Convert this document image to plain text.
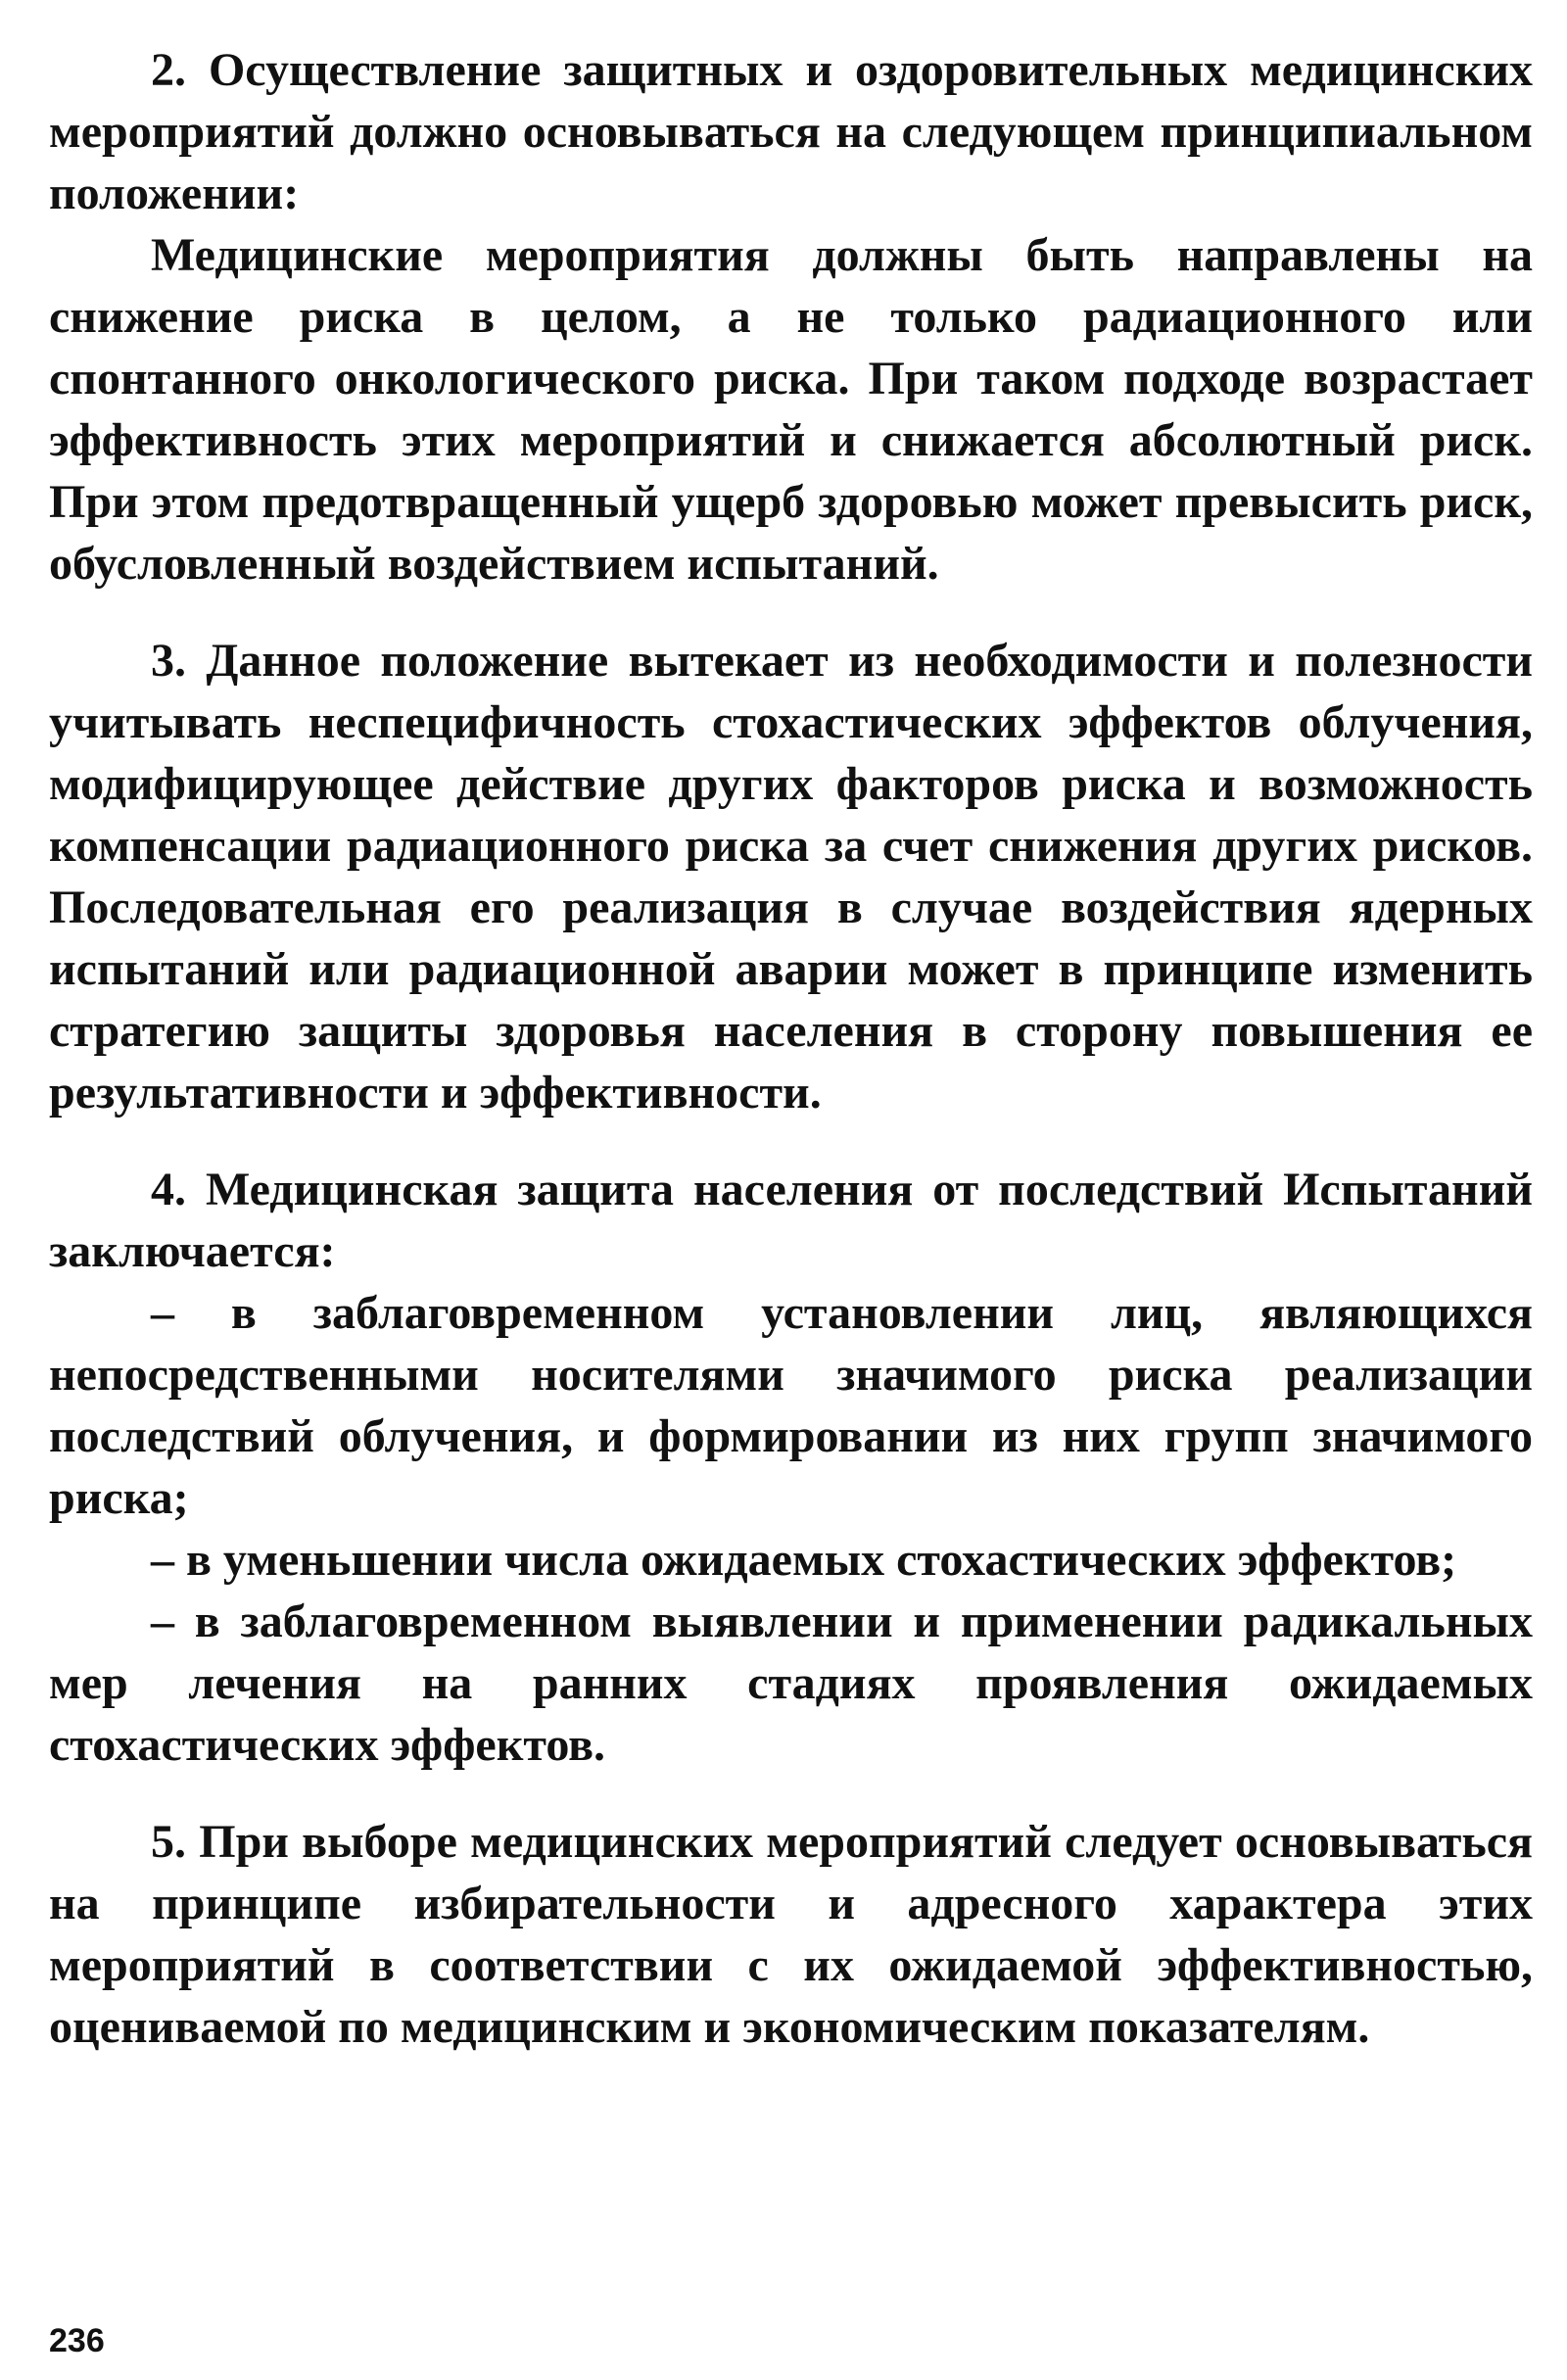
2. Осуществление защитных и оздоровительных медицинских мероприятий должно основываться на следующем принципиальном положении:

Медицинские мероприятия должны быть направлены на снижение риска в целом, а не только радиационного или спонтанного онкологического риска. При таком подходе возрастает эффективность этих мероприятий и снижается абсолютный риск. При этом предотвращенный ущерб здоровью может превысить риск, обусловленный воздействием испытаний.

3. Данное положение вытекает из необходимости и полезности учитывать неспецифичность стохастических эффектов облучения, модифицирующее действие других факторов риска и возможность компенсации радиационного риска за счет снижения других рисков. Последовательная его реализация в случае воздействия ядерных испытаний или радиационной аварии может в принципе изменить стратегию защиты здоровья населения в сторону повышения ее результативности и эффективности.

4. Медицинская защита населения от последствий Испытаний заключается:

– в заблаговременном установлении лиц, являющихся непосредственными носителями значимого риска реализации последствий облучения, и формировании из них групп значимого риска;

– в уменьшении числа ожидаемых стохастических эффектов;

– в заблаговременном выявлении и применении радикальных мер лечения на ранних стадиях проявления ожидаемых стохастических эффектов.

5. При выборе медицинских мероприятий следует основываться на принципе избирательности и адресного характера этих мероприятий в соответствии с их ожидаемой эффективностью, оцениваемой по медицинским и экономическим показателям.

236
